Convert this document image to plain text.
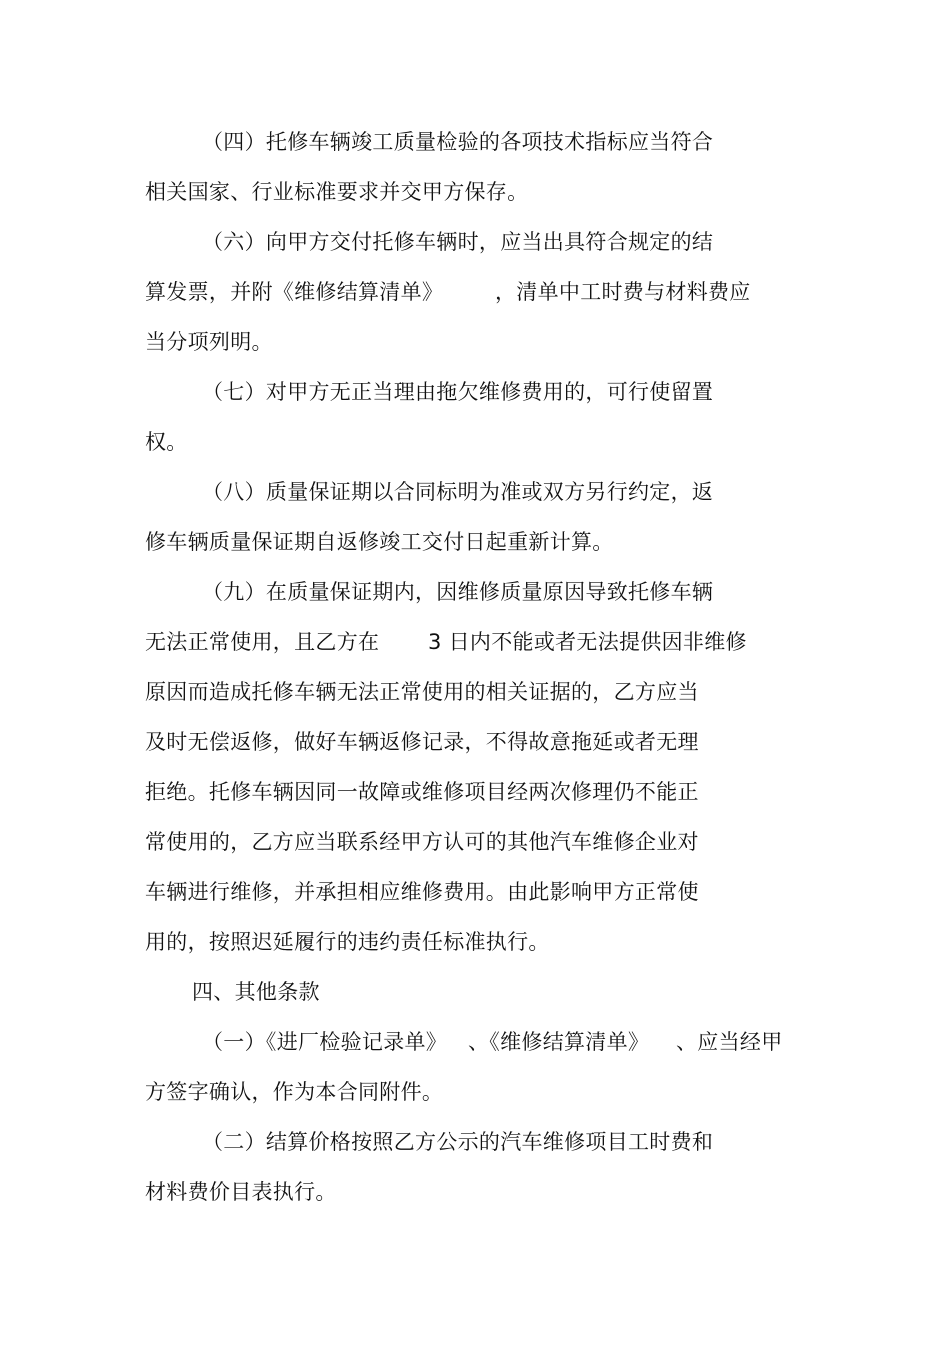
（四）托修车辆竣工质量检验的各项技术指标应当符合
相关国家、行业标准要求并交甲方保存。
（六）向甲方交付托修车辆时，应当出具符合规定的结
算发票，并附《维修结算清单》 ，清单中工时费与材料费应
当分项列明。
（七）对甲方无正当理由拖欠维修费用的，可行使留置
权。
（八）质量保证期以合同标明为准或双方另行约定，返
修车辆质量保证期自返修竣工交付日起重新计算。
（九）在质量保证期内，因维修质量原因导致托修车辆
无法正常使用，且乙方在 3 日内不能或者无法提供因非维修
原因而造成托修车辆无法正常使用的相关证据的，乙方应当
及时无偿返修，做好车辆返修记录，不得故意拖延或者无理
拒绝。托修车辆因同一故障或维修项目经两次修理仍不能正
常使用的，乙方应当联系经甲方认可的其他汽车维修企业对
车辆进行维修，并承担相应维修费用。由此影响甲方正常使
用的，按照迟延履行的违约责任标准执行。
四、其他条款
（一）《进厂检验记录单》 、《维修结算清单》 、应当经甲
方签字确认，作为本合同附件。
（二）结算价格按照乙方公示的汽车维修项目工时费和
材料费价目表执行。
